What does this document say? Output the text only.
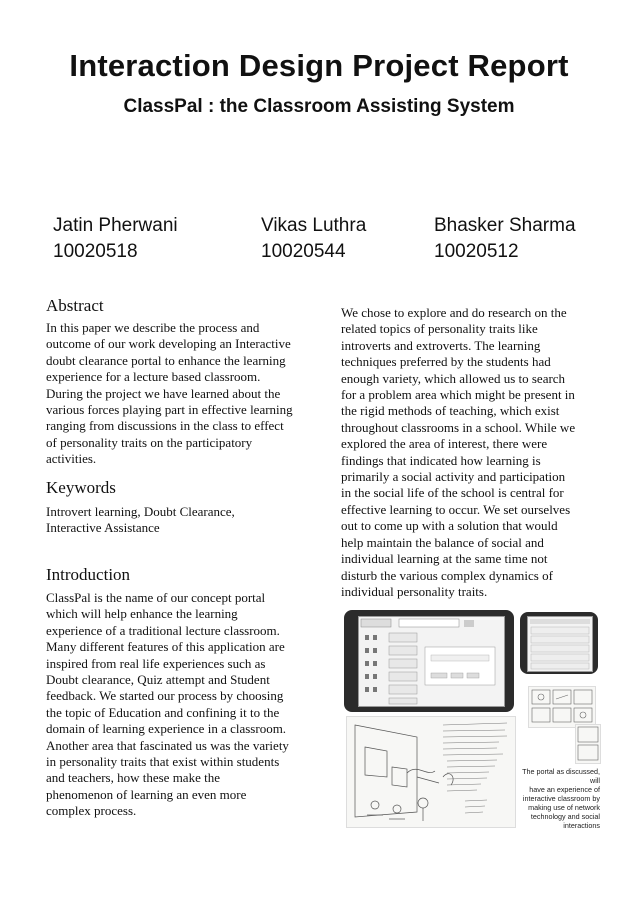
Interaction Design Project Report
ClassPal : the Classroom Assisting System
Jatin Pherwani
10020518
Vikas Luthra
10020544
Bhasker Sharma
10020512
Abstract
In this paper we describe the process and
outcome of our work developing an Interactive
doubt clearance portal to enhance the learning
experience for a lecture based classroom.
During the project we have learned about the
various forces playing part in effective learning
ranging from discussions in the class to effect
of personality traits on the participatory
activities.
Keywords
Introvert learning, Doubt Clearance,
Interactive Assistance
Introduction
ClassPal is the name of our concept portal
which will help enhance the learning
experience of a traditional lecture classroom.
Many different features of this application are
inspired from real life experiences such as
Doubt clearance, Quiz attempt and Student
feedback. We started our process by choosing
the topic of Education and confining it to the
domain of learning experience in a classroom.
Another area that fascinated us was the variety
in personality traits that exist within students
and teachers, how these make the
phenomenon of learning an even more
complex process.
We chose to explore and do research on the
related topics of personality traits like
introverts and extroverts. The learning
techniques preferred by the students had
enough variety, which allowed us to search
for a problem area which might be present in
the rigid methods of teaching, which exist
throughout classrooms in a school. While we
explored the area of interest, there were
findings that indicated how learning is
primarily a social activity and participation
in the social life of the school is central for
effective learning to occur. We set ourselves
out to come up with a solution that would
help maintain the balance of social and
individual learning at the same time not
disturb the various complex dynamics of
individual personality traits.
The portal as discussed, will
have an experience of
interactive classroom by
making use of network
technology and social
interactions
